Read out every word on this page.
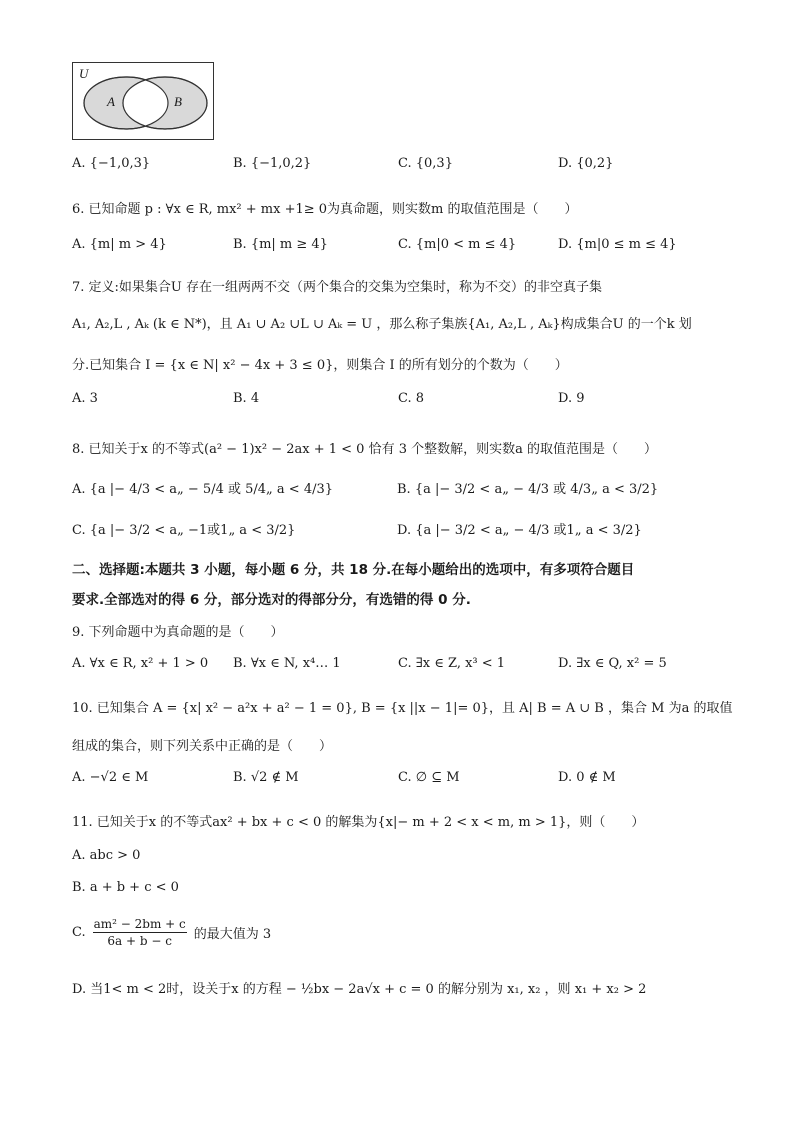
U
A	B
A. {−1,0,3}	B. {−1,0,2}	C. {0,3}	D. {0,2}
6. 已知命题 p : ∀x ∈ R, mx² + mx +1≥ 0为真命题，则实数m 的取值范围是（　　）
A. {m| m > 4}	B. {m| m ≥ 4}	C. {m|0 < m ≤ 4}	D. {m|0 ≤ m ≤ 4}
7. 定义:如果集合U 存在一组两两不交（两个集合的交集为空集时，称为不交）的非空真子集
A₁, A₂,L , Aₖ (k ∈ N*)，且 A₁ ∪ A₂ ∪L ∪ Aₖ = U ，那么称子集族{A₁, A₂,L , Aₖ}构成集合U 的一个k 划
分.已知集合 I = {x ∈ N| x² − 4x + 3 ≤ 0}，则集合 I 的所有划分的个数为（　　）
A. 3	B. 4	C. 8	D. 9
8. 已知关于x 的不等式(a² − 1)x² − 2ax + 1 < 0 恰有 3 个整数解，则实数a 的取值范围是（　　）
A. {a |− 4/3 < a„ − 5/4 或 5/4„ a < 4/3}	B. {a |− 3/2 < a„ − 4/3 或 4/3„ a < 3/2}
C. {a |− 3/2 < a„ −1或1„ a < 3/2}	D. {a |− 3/2 < a„ − 4/3 或1„ a < 3/2}
二、选择题:本题共 3 小题，每小题 6 分，共 18 分.在每小题给出的选项中，有多项符合题目
要求.全部选对的得 6 分，部分选对的得部分分，有选错的得 0 分.
9. 下列命题中为真命题的是（　　）
A. ∀x ∈ R, x² + 1 > 0 B. ∀x ∈ N, x⁴… 1	C. ∃x ∈ Z, x³ < 1	D. ∃x ∈ Q, x² = 5
10. 已知集合 A = {x| x² − a²x + a² − 1 = 0}, B = {x ||x − 1|= 0}，且 A| B = A ∪ B ，集合 M 为a 的取值
组成的集合，则下列关系中正确的是（　　）
A. −√2 ∈ M	B. √2 ∉ M	C. ∅ ⊆ M	D. 0 ∉ M
11. 已知关于x 的不等式ax² + bx + c < 0 的解集为{x|− m + 2 < x < m, m > 1}，则（　　）
A. abc > 0
B. a + b + c < 0
C. $\frac{\text{am² − 2bm + c}}{6a + b - c}$ 的最大值为 3
D. 当1< m < 2时，设关于x 的方程 − ½bx − 2a√x + c = 0 的解分别为 x₁, x₂ ，则 x₁ + x₂ > 2
